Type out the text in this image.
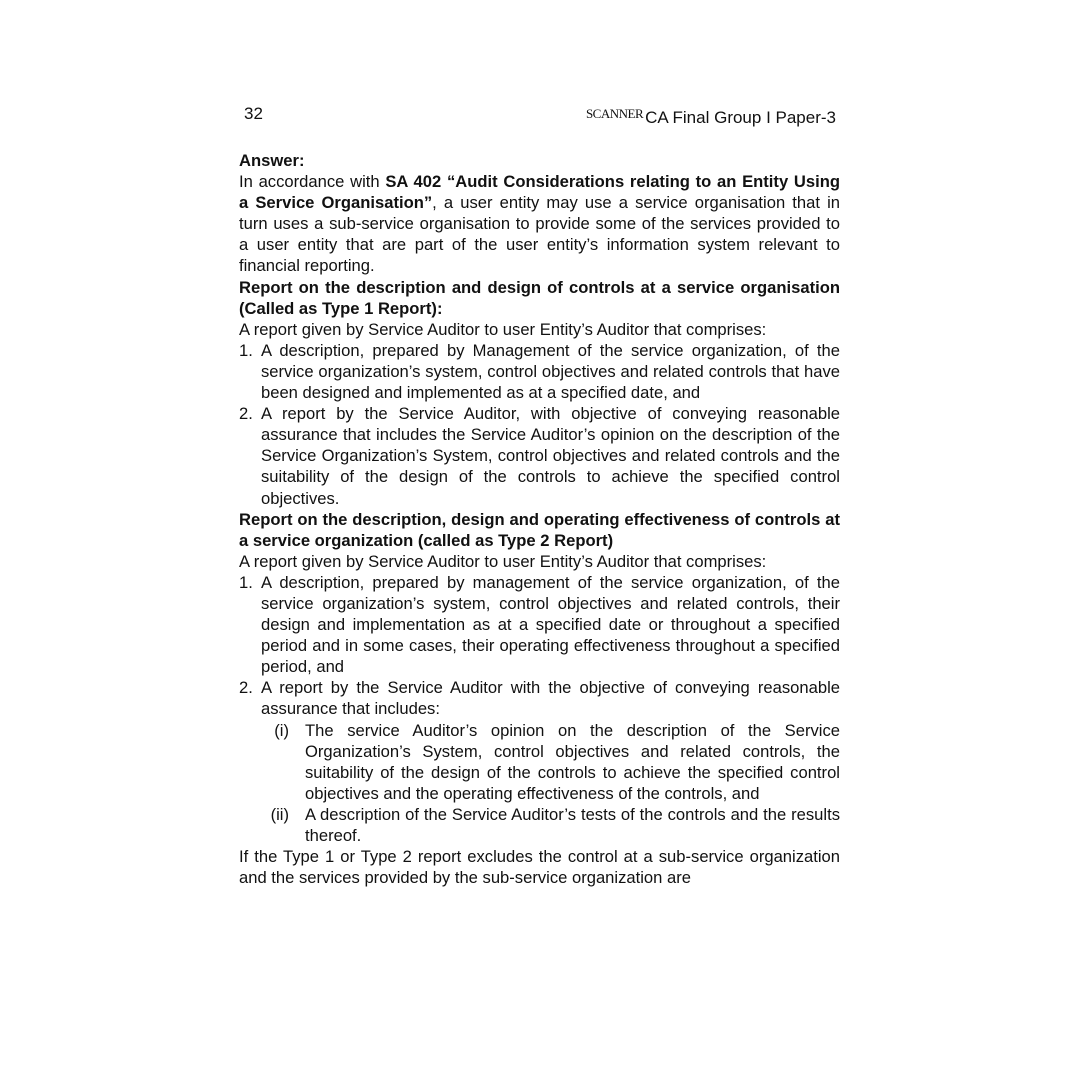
32	$^{SCANNER}$ CA Final Group I Paper-3

Answer:

In accordance with SA 402 “Audit Considerations relating to an Entity Using a Service Organisation”, a user entity may use a service organisation that in turn uses a sub-service organisation to provide some of the services provided to a user entity that are part of the user entity’s information system relevant to financial reporting.

Report on the description and design of controls at a service organisation (Called as Type 1 Report):

A report given by Service Auditor to user Entity’s Auditor that comprises:

1. A description, prepared by Management of the service organization, of the service organization’s system, control objectives and related controls that have been designed and implemented as at a specified date, and
2. A report by the Service Auditor, with objective of conveying reasonable assurance that includes the Service Auditor’s opinion on the description of the Service Organization’s System, control objectives and related controls and the suitability of the design of the controls to achieve the specified control objectives.

Report on the description, design and operating effectiveness of controls at a service organization (called as Type 2 Report)

A report given by Service Auditor to user Entity’s Auditor that comprises:

1. A description, prepared by management of the service organization, of the service organization’s system, control objectives and related controls, their design and implementation as at a specified date or throughout a specified period and in some cases, their operating effectiveness throughout a specified period, and
2. A report by the Service Auditor with the objective of conveying reasonable assurance that includes:
(i) The service Auditor’s opinion on the description of the Service Organization’s System, control objectives and related controls, the suitability of the design of the controls to achieve the specified control objectives and the operating effectiveness of the controls, and
(ii) A description of the Service Auditor’s tests of the controls and the results thereof.

If the Type 1 or Type 2 report excludes the control at a sub-service organization and the services provided by the sub-service organization are
